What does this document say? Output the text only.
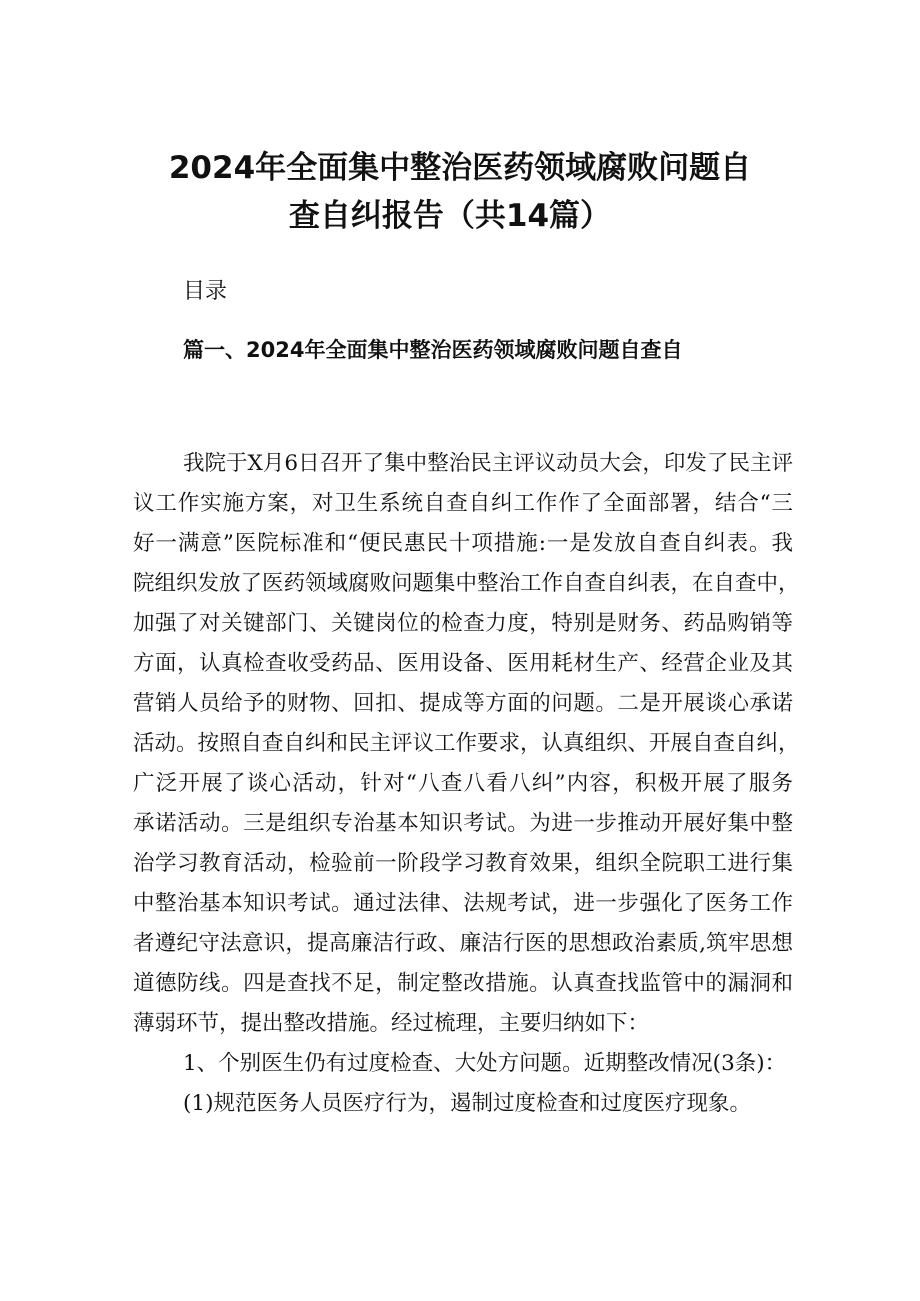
2024年全面集中整治医药领域腐败问题自
查自纠报告（共14篇）
目录
篇一、2024年全面集中整治医药领域腐败问题自查自
我院于X月6日召开了集中整治民主评议动员大会，印发了民主评
议工作实施方案，对卫生系统自查自纠工作作了全面部署，结合“三
好一满意”医院标准和“便民惠民十项措施:一是发放自查自纠表。我
院组织发放了医药领域腐败问题集中整治工作自查自纠表，在自查中，
加强了对关键部门、关键岗位的检查力度，特别是财务、药品购销等
方面，认真检查收受药品、医用设备、医用耗材生产、经营企业及其
营销人员给予的财物、回扣、提成等方面的问题。二是开展谈心承诺
活动。按照自查自纠和民主评议工作要求，认真组织、开展自查自纠，
广泛开展了谈心活动，针对“八查八看八纠”内容，积极开展了服务
承诺活动。三是组织专治基本知识考试。为进一步推动开展好集中整
治学习教育活动，检验前一阶段学习教育效果，组织全院职工进行集
中整治基本知识考试。通过法律、法规考试，进一步强化了医务工作
者遵纪守法意识，提高廉洁行政、廉洁行医的思想政治素质,筑牢思想
道德防线。四是查找不足，制定整改措施。认真查找监管中的漏洞和
薄弱环节，提出整改措施。经过梳理，主要归纳如下：
1、个别医生仍有过度检查、大处方问题。近期整改情况(3条)：
(1)规范医务人员医疗行为，遏制过度检查和过度医疗现象。
